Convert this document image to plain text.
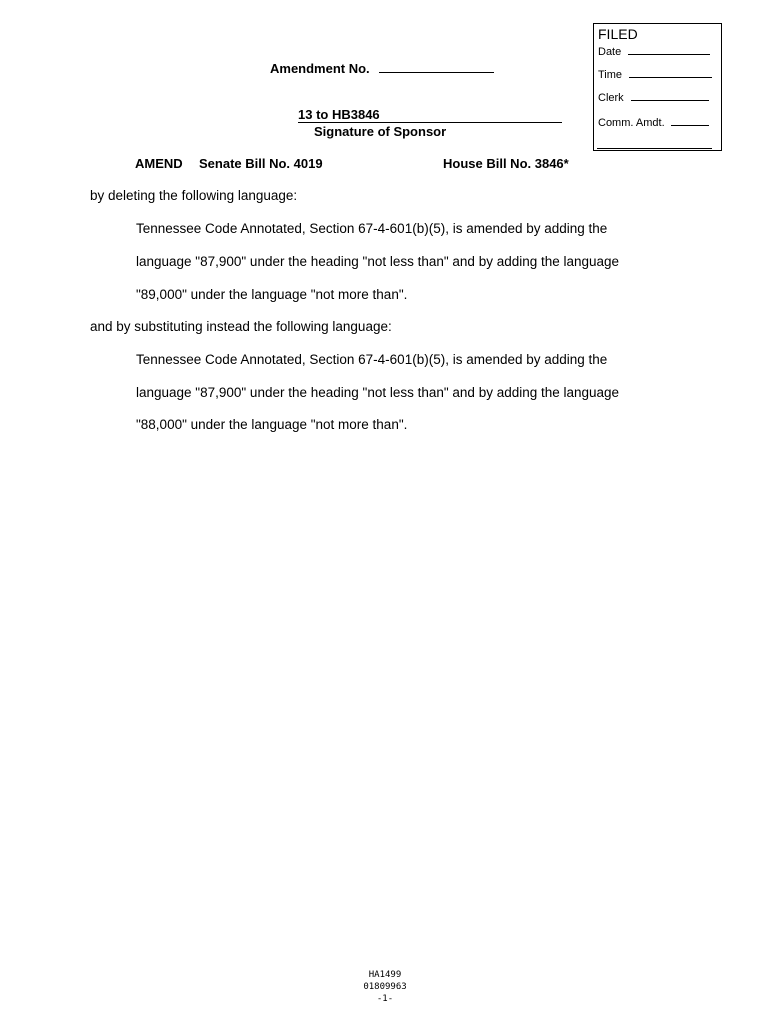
FILED
Date
Time
Clerk
Comm. Amdt.
Amendment No.
13 to HB3846
Signature of Sponsor
AMEND Senate Bill No. 4019	House Bill No. 3846*
by deleting the following language:
Tennessee Code Annotated, Section 67-4-601(b)(5), is amended by adding the
language "87,900" under the heading "not less than" and by adding the language
"89,000" under the language "not more than".
and by substituting instead the following language:
Tennessee Code Annotated, Section 67-4-601(b)(5), is amended by adding the
language "87,900" under the heading "not less than" and by adding the language
"88,000" under the language "not more than".
HA1499
01809963
-1-
